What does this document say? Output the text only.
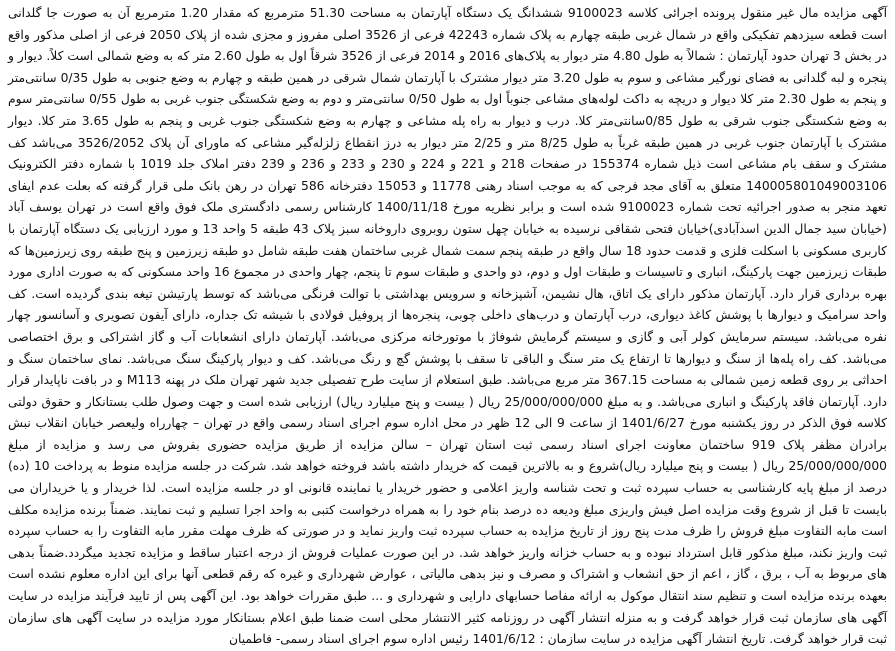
آگهی مزایده مال غیر منقول پرونده اجرائی کلاسه 9100023 ششدانگ یک دستگاه آپارتمان به مساحت 51.30 مترمربع که مقدار 1.20 مترمربع آن به صورت جا گلدانی است قطعه سیزدهم تفکیکی واقع در شمال غربی طبقه چهارم به پلاک شماره 42243 فرعی از 3526 اصلی مفروز و مجزی شده از پلاک 2050 فرعی از اصلی مذکور واقع در بخش 3 تهران حدود آپارتمان : شمالاً به طول 4.80 متر دیوار به پلاک‌های 2016 و 2014 فرعی از 3526 شرقاً اول به طول 2.60 متر که به وضع شمالی است کلاً. دیوار و پنجره و لبه گلدانی به فضای نورگیر مشاعی و سوم به طول 3.20 متر دیوار مشترک با آپارتمان شمال شرقی در همین طبقه و چهارم به وضع جنوبی به طول 0/35 سانتی‌متر و پنجم به طول 2.30 متر کلا دیوار و دریچه به داکت لوله‌های مشاعی جنوباً اول به طول 0/50 سانتی‌متر و دوم به وضع شکستگی جنوب غربی به طول 0/55 سانتی‌متر سوم به وضع شکستگی جنوب شرقی به طول 0/85سانتی‌متر کلا. درب و دیوار به راه پله مشاعی و چهارم به وضع شکستگی جنوب غربی و پنجم به طول 3.65 متر کلا. دیوار مشترک با آپارتمان جنوب غربی در همین طبقه غرباً به طول 8/25 متر و 2/25 متر دیوار به درز انقطاع زلزله‌گیر مشاعی که ماورای آن پلاک 3526/2052 می‌باشد کف مشترک و سقف بام مشاعی است ذیل شماره 155374 در صفحات 218 و 221 و 224 و 230 و 233 و 236 و 239 دفتر املاک جلد 1019 با شماره دفتر الکترونیک 140005801049003106 متعلق به آقای مجد فرجی که به موجب اسناد رهنی 11778 و 15053 دفترخانه 586 تهران در رهن بانک ملی قرار گرفته که بعلت عدم ایفای تعهد منجر به صدور اجرائیه تحت شماره 9100023 شده است و برابر نظریه مورخ 1400/11/18 کارشناس رسمی دادگستری ملک فوق واقع است در تهران یوسف آباد (خیابان سید جمال الدین اسدآبادی)خیابان فتحی شقاقی نرسیده به خیابان چهل ستون روبروی داروخانه سبز پلاک 43 طبقه 5 واحد 13 و مورد ارزیابی یک دستگاه آپارتمان با کاربری مسکونی با اسکلت فلزی و قدمت حدود 18 سال واقع در طبقه پنجم سمت شمال غربی ساختمان هفت طبقه شامل دو طبقه زیرزمین و پنج طبقه روی زیرزمین‌ها که طبقات زیرزمین جهت پارکینگ، انباری و تاسیسات و طبقات اول و دوم، دو واحدی و طبقات سوم تا پنجم، چهار واحدی در مجموع 16 واحد مسکونی که به صورت اداری مورد بهره برداری قرار دارد. آپارتمان مذکور دارای یک اتاق، هال نشیمن، آشپزخانه و سرویس بهداشتی با توالت فرنگی می‌باشد که توسط پارتیشن تیغه بندی گردیده است. کف واحد سرامیک و دیوارها با پوشش کاغذ دیواری، درب آپارتمان و درب‌های داخلی چوبی، پنجره‌ها از پروفیل فولادی با شیشه تک جداره، دارای آیفون تصویری و آسانسور چهار نفره می‌باشد. سیستم سرمایش کولر آبی و گازی و سیستم گرمایش شوفاژ با موتورخانه مرکزی می‌باشد. آپارتمان دارای انشعابات آب و گاز اشتراکی و برق اختصاصی می‌باشد. کف راه پله‌ها از سنگ و دیوارها تا ارتفاع یک متر سنگ و الباقی تا سقف با پوشش گچ و رنگ می‌باشد. کف و دیوار پارکینگ سنگ می‌باشد. نمای ساختمان سنگ و احداثی بر روی قطعه زمین شمالی به مساحت 367.15 متر مربع می‌باشد. طبق استعلام از سایت طرح تفصیلی جدید شهر تهران ملک در پهنه M113 و در بافت ناپایدار قرار دارد. آپارتمان فاقد پارکینگ و انباری می‌باشد. و به مبلغ 25/000/000/000 ریال ( بیست و پنج میلیارد ریال) ارزیابی شده است و جهت وصول طلب بستانکار و حقوق دولتی کلاسه فوق الذکر در روز یکشنبه مورخ 1401/6/27 از ساعت 9 الی 12 ظهر در محل اداره سوم اجرای اسناد رسمی واقع در تهران – چهارراه ولیعصر خیابان انقلاب نبش برادران مظفر پلاک 919 ساختمان معاونت اجرای اسناد رسمی ثبت استان تهران – سالن مزایده از طریق مزایده حضوری بفروش می رسد و مزایده از مبلغ 25/000/000/000 ریال ( بیست و پنج میلیارد ریال)شروع و به بالاترین قیمت که خریدار داشته باشد فروخته خواهد شد. شرکت در جلسه مزایده منوط به پرداخت 10 (ده) درصد از مبلغ پایه کارشناسی به حساب سپرده ثبت و تحت شناسه واریز اعلامی و حضور خریدار یا نماینده قانونی او در جلسه مزایده است. لذا خریدار و یا خریداران می بایست تا قبل از شروع وقت مزایده اصل فیش واریزی مبلغ ودیعه ده درصد بنام خود را به همراه درخواست کتبی به واحد اجرا تسلیم و ثبت نمایند. ضمناً برنده مزایده مکلف است مابه التفاوت مبلغ فروش را ظرف مدت پنج روز از تاریخ مزایده به حساب سپرده ثبت واریز نماید و در صورتی که ظرف مهلت مقرر مابه التفاوت را به حساب سپرده ثبت واریز نکند، مبلغ مذکور قابل استرداد نبوده و به حساب خزانه واریز خواهد شد. در این صورت عملیات فروش از درجه اعتبار ساقط و مزایده تجدید میگردد.ضمناً بدهی های مربوط به آب ، برق ، گاز ، اعم از حق انشعاب و اشتراک و مصرف و نیز بدهی مالیاتی ، عوارض شهرداری و غیره که رقم قطعی آنها برای این اداره معلوم نشده است بعهده برنده مزایده است و تنظیم سند انتقال موکول به ارائه مفاصا حسابهای دارایی و شهرداری و ... طبق مقررات خواهد بود. این آگهی پس از تایید فرآیند مزایده در سایت آگهی های سازمان ثبت قرار خواهد گرفت و به منزله انتشار آگهی در روزنامه کثیر الانتشار محلی است ضمنا طبق اعلام بستانکار مورد مزایده در سایت آگهی های سازمان ثبت قرار خواهد گرفت. تاریخ انتشار آگهی مزایده در سایت سازمان : 1401/6/12 رئیس اداره سوم اجرای اسناد رسمی- فاطمیان
